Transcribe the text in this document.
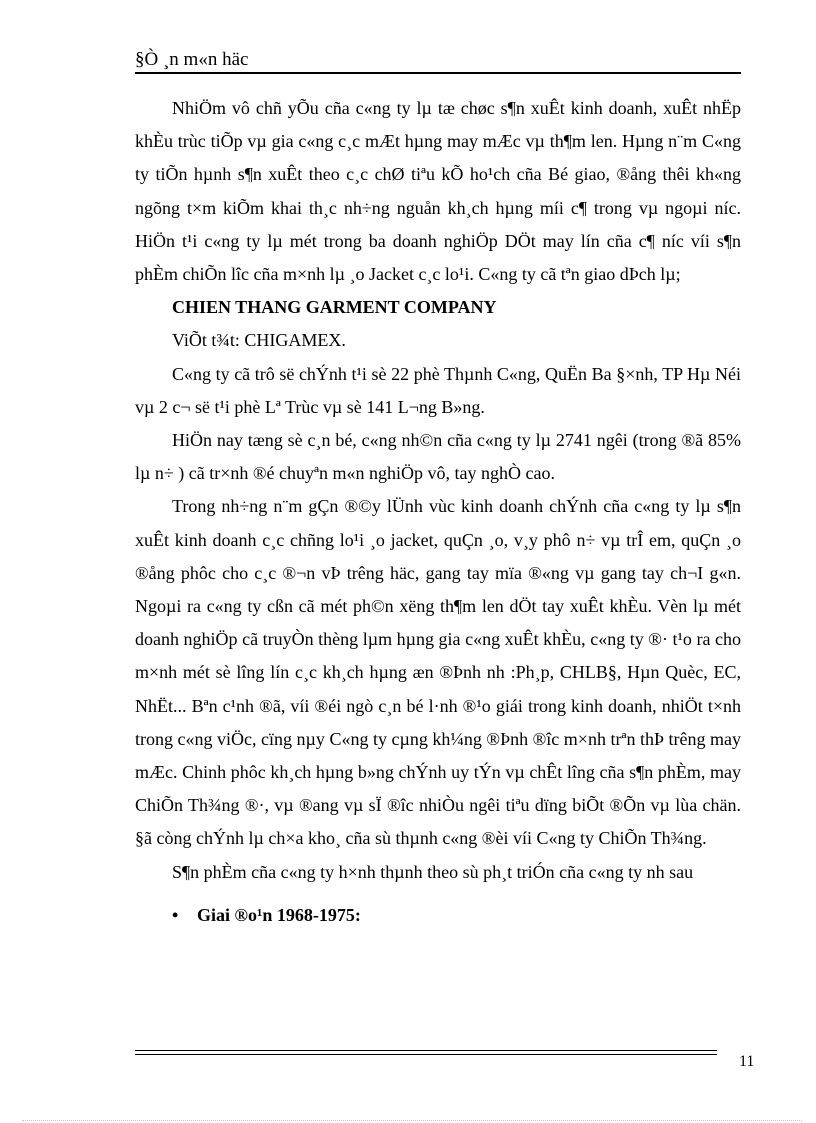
§Ò ¸n m«n häc

NhiÖm vô chñ yÕu cña c«ng ty lµ tæ chøc s¶n xuÊt kinh doanh, xuÊt nhËp khÈu trùc tiÕp vµ gia c«ng c¸c mÆt hµng may mÆc vµ th¶m len. Hµng n¨m C«ng ty tiÕn hµnh s¶n xuÊt theo c¸c chØ tiªu kÕ ho¹ch cña Bé giao, ®ång thêi kh«ng ngõng t×m kiÕm khai th¸c nh÷ng nguån kh¸ch hµng míi c¶ trong vµ ngoµi níc. HiÖn t¹i c«ng ty lµ mét trong ba doanh nghiÖp DÖt may lín cña c¶ níc víi s¶n phÈm chiÕn lîc cña m×nh lµ ¸o Jacket c¸c lo¹i. C«ng ty cã tªn giao dÞch lµ;

CHIEN THANG GARMENT COMPANY

ViÕt t¾t: CHIGAMEX.

C«ng ty cã trô së chÝnh t¹i sè 22 phè Thµnh C«ng, QuËn Ba §×nh, TP Hµ Néi vµ 2 c¬ së t¹i phè Lª Trùc vµ sè 141 L¬ng B»ng.

HiÖn nay tæng sè c¸n bé, c«ng nh©n cña c«ng ty lµ 2741 ngêi (trong ®ã 85% lµ n÷ ) cã tr×nh ®é chuyªn m«n nghiÖp vô, tay nghÒ cao.

Trong nh÷ng n¨m gÇn ®©y lÜnh vùc kinh doanh chÝnh cña c«ng ty lµ s¶n xuÊt kinh doanh c¸c chñng lo¹i ¸o jacket, quÇn ¸o, v¸y phô n÷ vµ trÎ em, quÇn ¸o ®ång phôc cho c¸c ®¬n vÞ trêng häc, gang tay mïa ®«ng vµ gang tay ch¬I g«n. Ngoµi ra c«ng ty cßn cã mét ph©n xëng th¶m len dÖt tay xuÊt khÈu. Vèn lµ mét doanh nghiÖp cã truyÒn thèng lµm hµng gia c«ng xuÊt khÈu, c«ng ty ®· t¹o ra cho m×nh mét sè lîng lín c¸c kh¸ch hµng æn ®Þnh nh :Ph¸p, CHLB§, Hµn Quèc, EC, NhËt... Bªn c¹nh ®ã, víi ®éi ngò c¸n bé l·nh ®¹o giái trong kinh doanh, nhiÖt t×nh trong c«ng viÖc, cïng nµy C«ng ty cµng kh¼ng ®Þnh ®îc m×nh trªn thÞ trêng may mÆc. Chinh phôc kh¸ch hµng b»ng chÝnh uy tÝn vµ chÊt lîng cña s¶n phÈm, may ChiÕn Th¾ng ®·, vµ ®ang vµ sÏ ®îc nhiÒu ngêi tiªu dïng biÕt ®Õn vµ lùa chän. §ã còng chÝnh lµ ch×a kho¸ cña sù thµnh c«ng ®èi víi C«ng ty ChiÕn Th¾ng.

S¶n phÈm cña c«ng ty h×nh thµnh theo sù ph¸t triÓn cña c«ng ty nh sau

• Giai ®o¹n 1968-1975:
11
